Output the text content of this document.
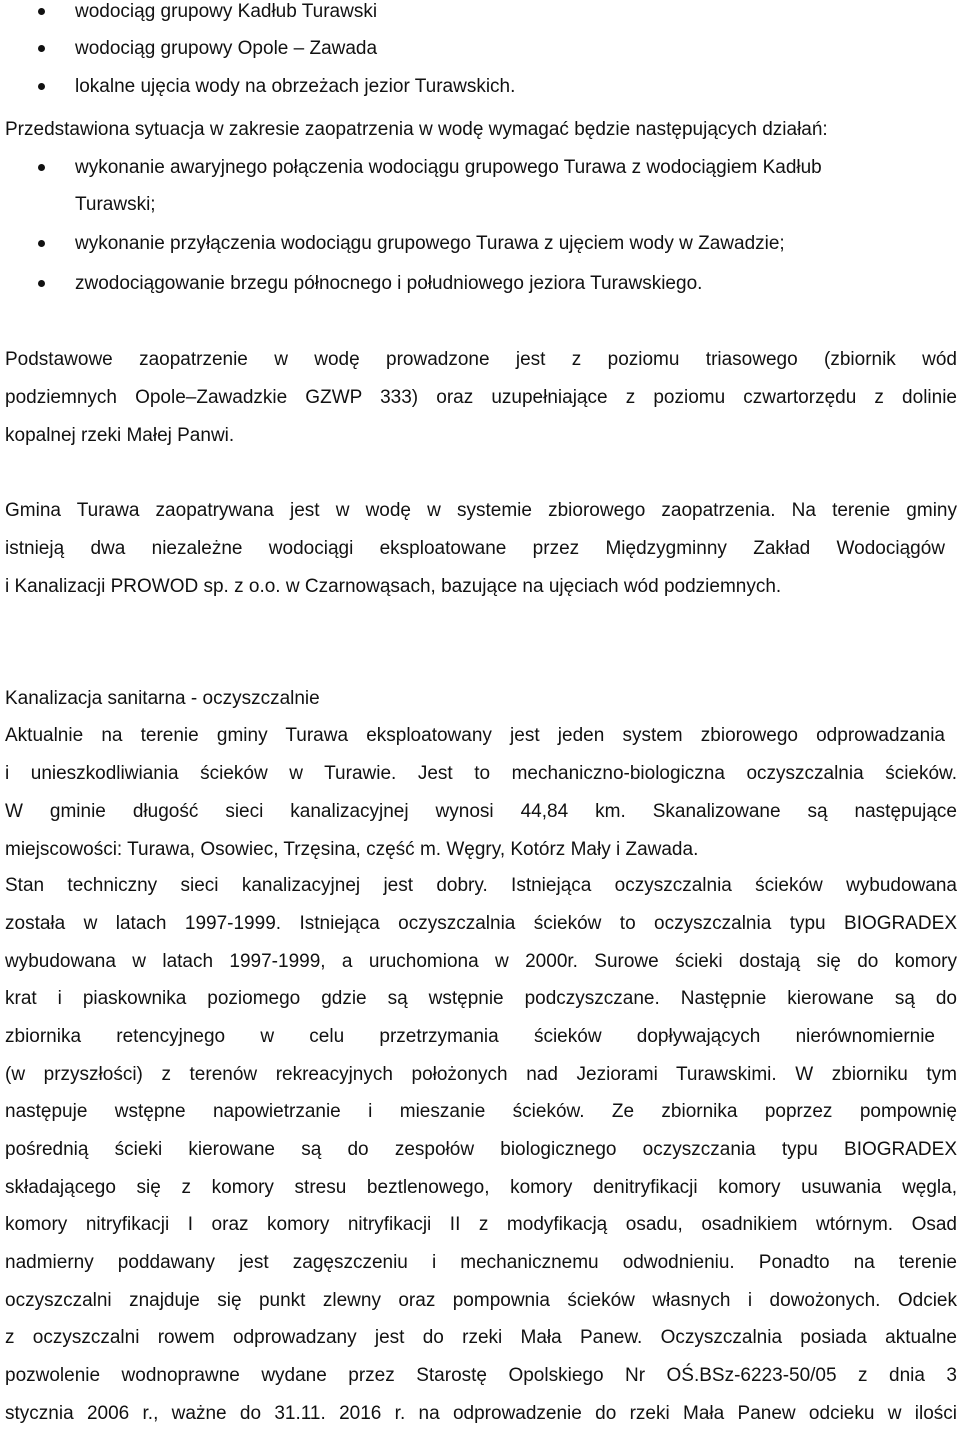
wodociąg grupowy Kadłub Turawski
wodociąg grupowy Opole – Zawada
lokalne ujęcia wody na obrzeżach jezior Turawskich.
Przedstawiona sytuacja w zakresie zaopatrzenia w wodę wymagać będzie następujących działań:
wykonanie awaryjnego połączenia wodociągu grupowego Turawa z wodociągiem Kadłub
Turawski;
wykonanie przyłączenia wodociągu grupowego Turawa z ujęciem wody w Zawadzie;
zwodociągowanie brzegu północnego i południowego jeziora Turawskiego.
Podstawowe zaopatrzenie w wodę prowadzone jest z poziomu triasowego (zbiornik wód
podziemnych Opole–Zawadzkie GZWP 333) oraz uzupełniające z poziomu czwartorzędu z dolinie
kopalnej rzeki Małej Panwi.
Gmina Turawa zaopatrywana jest w wodę w systemie zbiorowego zaopatrzenia. Na terenie gminy
istnieją dwa niezależne wodociągi eksploatowane przez Międzygminny Zakład Wodociągów
i Kanalizacji PROWOD sp. z o.o. w Czarnowąsach, bazujące na ujęciach wód podziemnych.
Kanalizacja sanitarna - oczyszczalnie
Aktualnie na terenie gminy Turawa eksploatowany jest jeden system zbiorowego odprowadzania
i unieszkodliwiania ścieków w Turawie. Jest to mechaniczno-biologiczna oczyszczalnia ścieków.
W gminie długość sieci kanalizacyjnej wynosi 44,84 km. Skanalizowane są następujące
miejscowości: Turawa, Osowiec, Trzęsina, część m. Węgry, Kotórz Mały i Zawada.
Stan techniczny sieci kanalizacyjnej jest dobry. Istniejąca oczyszczalnia ścieków wybudowana
została w latach 1997-1999. Istniejąca oczyszczalnia ścieków to oczyszczalnia typu BIOGRADEX
wybudowana w latach 1997-1999, a uruchomiona w 2000r. Surowe ścieki dostają się do komory
krat i piaskownika poziomego gdzie są wstępnie podczyszczane. Następnie kierowane są do
zbiornika retencyjnego w celu przetrzymania ścieków dopływających nierównomiernie
(w przyszłości) z terenów rekreacyjnych położonych nad Jeziorami Turawskimi. W zbiorniku tym
następuje wstępne napowietrzanie i mieszanie ścieków. Ze zbiornika poprzez pompownię
pośrednią ścieki kierowane są do zespołów biologicznego oczyszczania typu BIOGRADEX
składającego się z komory stresu beztlenowego, komory denitryfikacji komory usuwania węgla,
komory nitryfikacji I oraz komory nitryfikacji II z modyfikacją osadu, osadnikiem wtórnym. Osad
nadmierny poddawany jest zagęszczeniu i mechanicznemu odwodnieniu. Ponadto na terenie
oczyszczalni znajduje się punkt zlewny oraz pompownia ścieków własnych i dowożonych. Odciek
z oczyszczalni rowem odprowadzany jest do rzeki Mała Panew. Oczyszczalnia posiada aktualne
pozwolenie wodnoprawne wydane przez Starostę Opolskiego Nr OŚ.BSz-6223-50/05 z dnia 3
stycznia 2006 r., ważne do 31.11. 2016 r. na odprowadzenie do rzeki Mała Panew odcieku w ilości
